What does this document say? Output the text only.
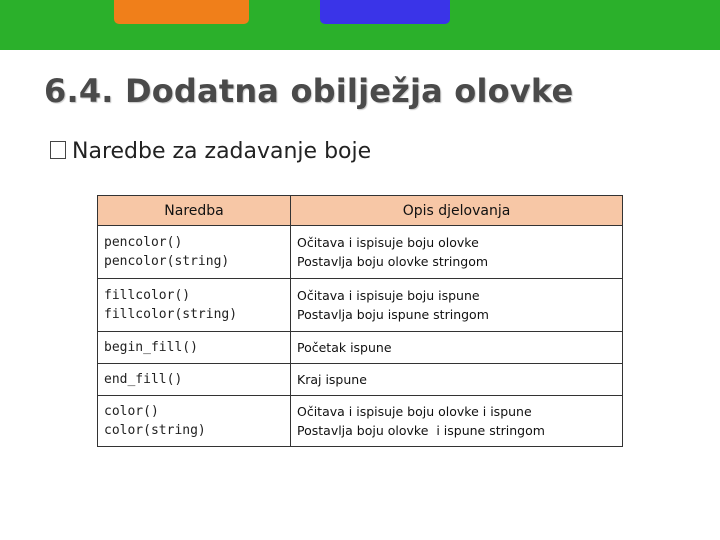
6.4. Dodatna obilježja olovke
Naredbe za zadavanje boje
Naredba	Opis djelovanja

pencolor()
pencolor(string)	Očitava i ispisuje boju olovke
Postavlja boju olovke stringom

fillcolor()
fillcolor(string)	Očitava i ispisuje boju ispune
Postavlja boju ispune stringom

begin_fill()	Početak ispune

end_fill()	Kraj ispune

color()
color(string)	Očitava i ispisuje boju olovke i ispune
Postavlja boju olovke  i ispune stringom
